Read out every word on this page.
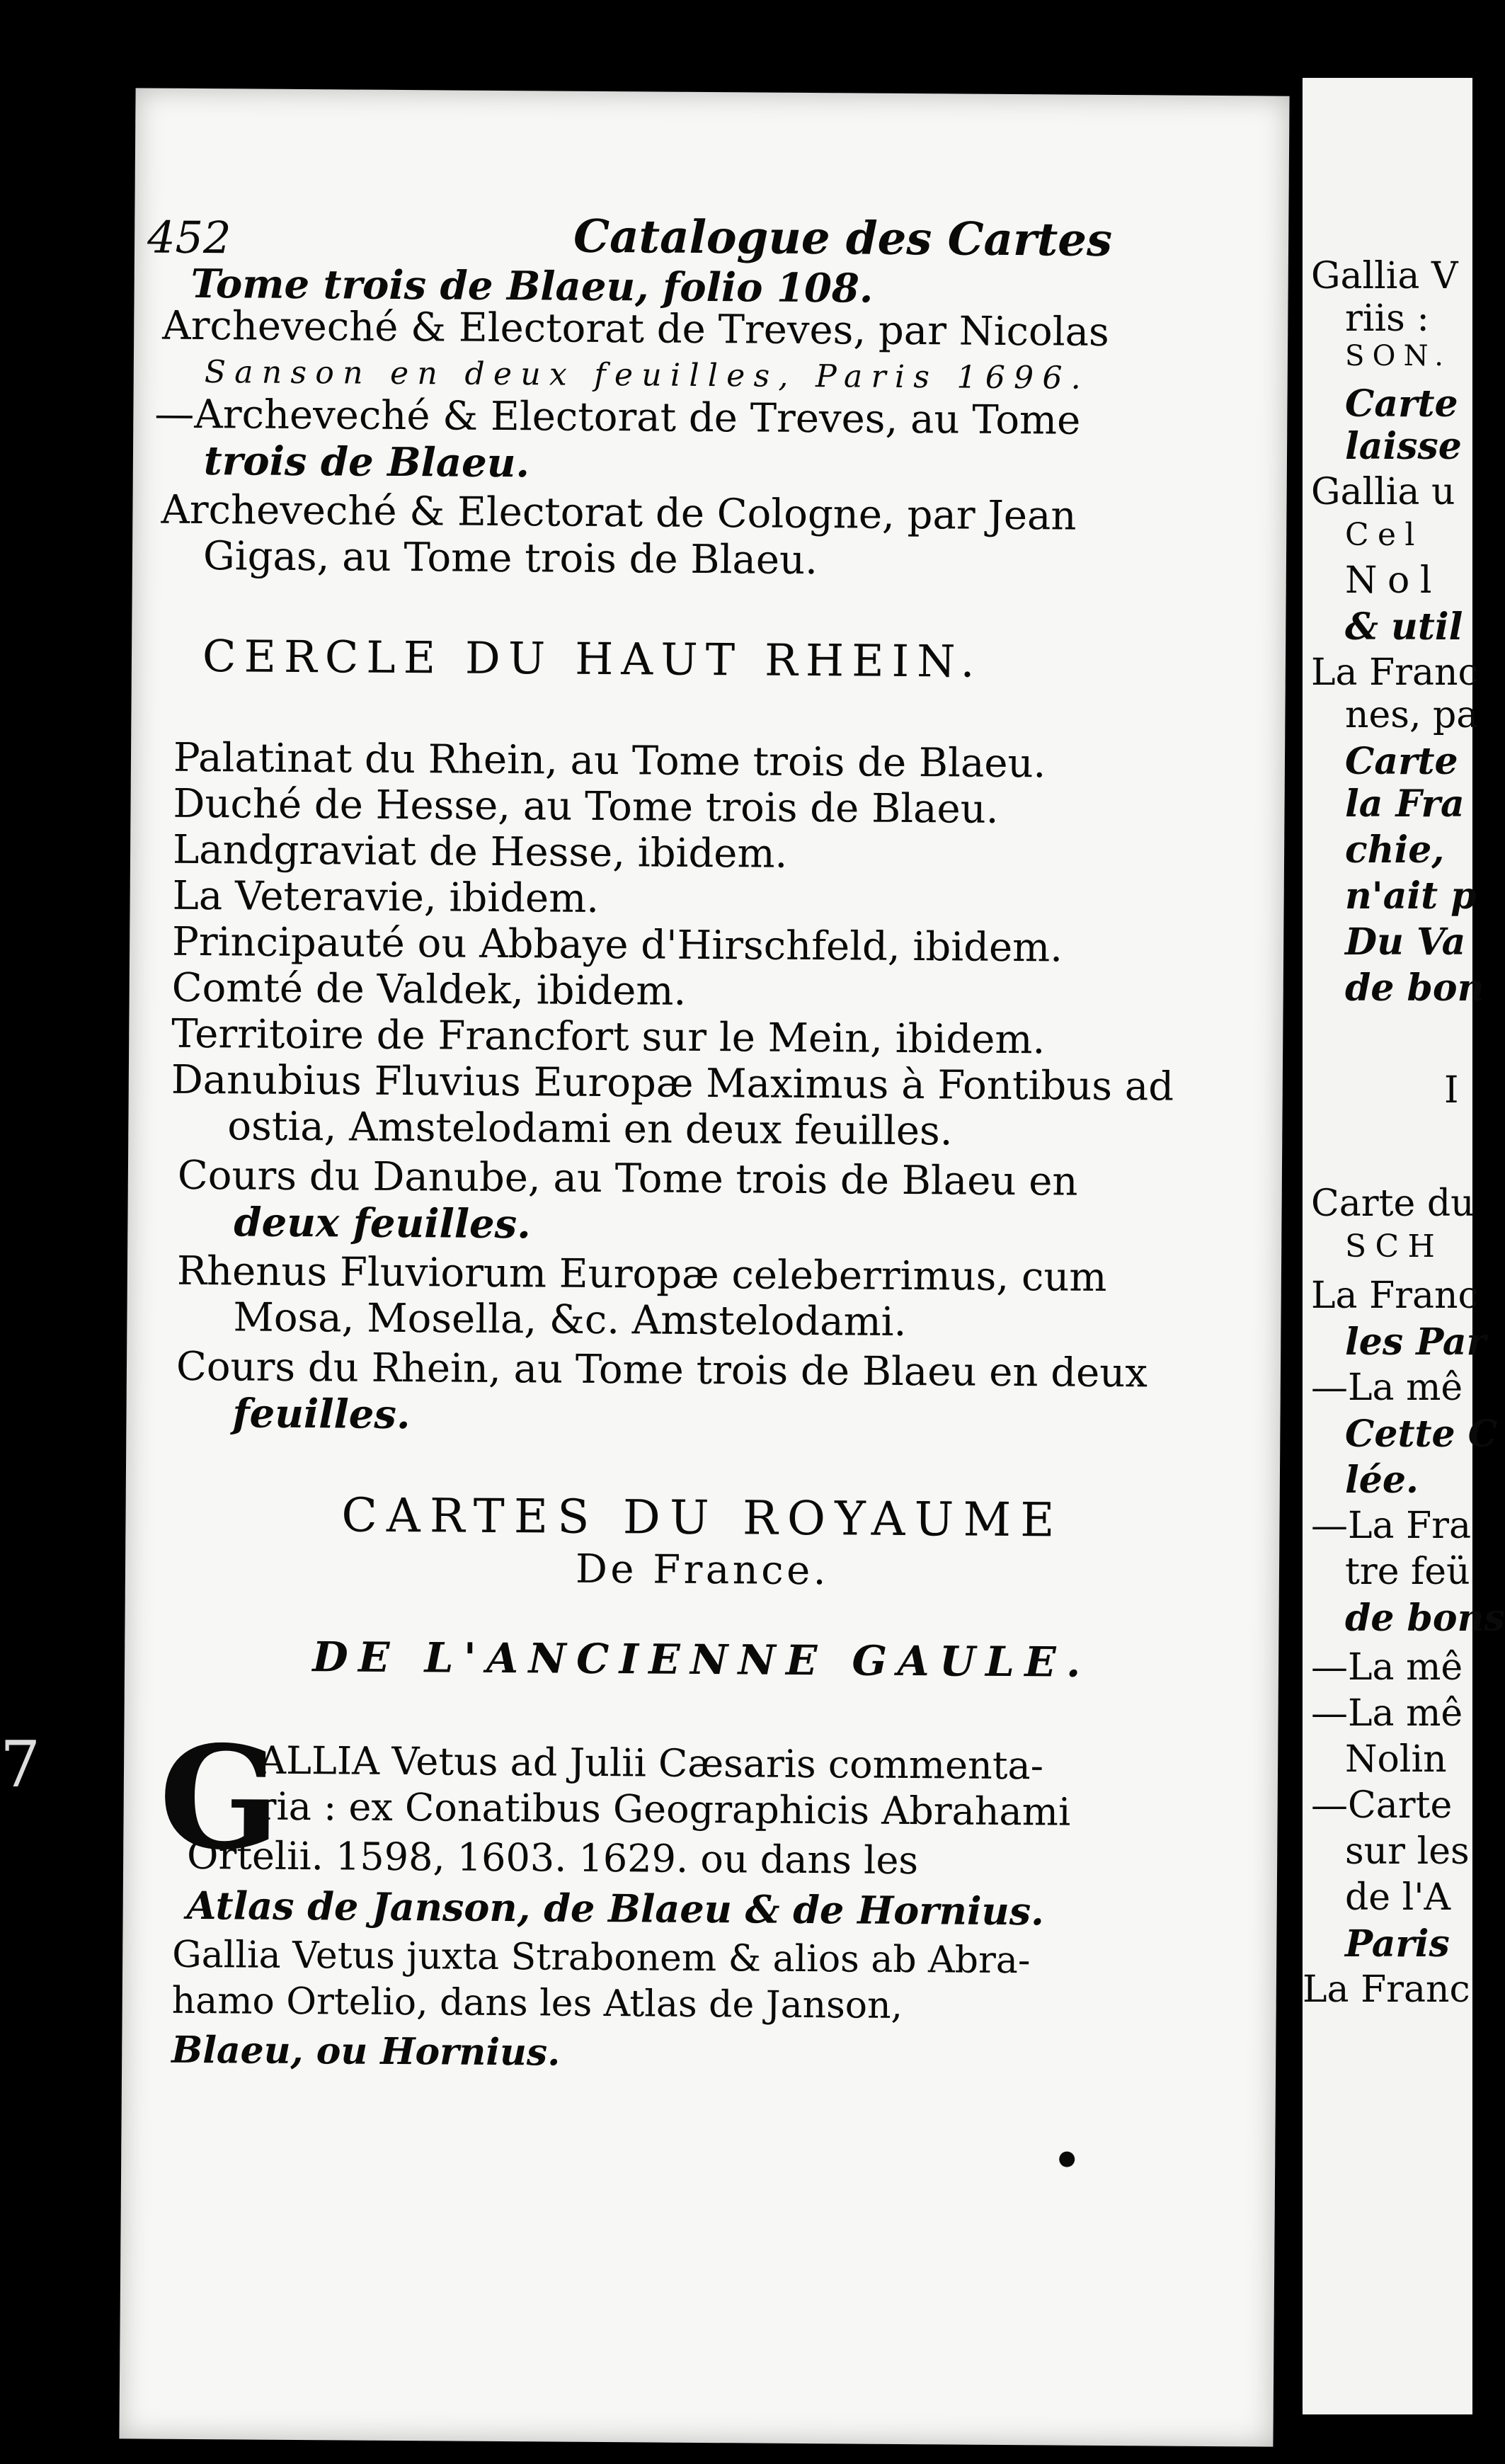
452	Catalogue des Cartes
Tome trois de Blaeu, folio 108.
Archeveché & Electorat de Treves, par Nicolas
Sanson en deux feuilles, Paris 1696.
—Archeveché & Electorat de Treves, au Tome
trois de Blaeu.
Archeveché & Electorat de Cologne, par Jean
Gigas, au Tome trois de Blaeu.
CERCLE DU HAUT RHEIN.
Palatinat du Rhein, au Tome trois de Blaeu.
Duché de Hesse, au Tome trois de Blaeu.
Landgraviat de Hesse, ibidem.
La Veteravie, ibidem.
Principauté ou Abbaye d'Hirschfeld, ibidem.
Comté de Valdek, ibidem.
Territoire de Francfort sur le Mein, ibidem.
Danubius Fluvius Europæ Maximus à Fontibus ad
ostia, Amstelodami en deux feuilles.
Cours du Danube, au Tome trois de Blaeu en
deux feuilles.
Rhenus Fluviorum Europæ celeberrimus, cum
Mosa, Mosella, &c. Amstelodami.
Cours du Rhein, au Tome trois de Blaeu en deux
feuilles.
CARTES DU ROYAUME
De France.
DE L'ANCIENNE GAULE.
G
ALLIA Vetus ad Julii Cæsaris commenta-
ria : ex Conatibus Geographicis Abrahami
Ortelii. 1598, 1603. 1629. ou dans les
Atlas de Janson, de Blaeu & de Hornius.
Gallia Vetus juxta Strabonem & alios ab Abra-
hamo Ortelio, dans les Atlas de Janson,
Blaeu, ou Hornius.
Gallia V
riis :
SON.
Carte
laisse
Gallia u
Cel
Nol
& util
La Franc
nes, pa
Carte
la Fra
chie,
n'ait p
Du Va
de bon
I
Carte du
SCH
La Franc
les Par
—La mê
Cette C
lée.
—La Fra
tre feü
de bons
—La mê
—La mê
Nolin
—Carte
sur les
de l'A
Paris
La Franc
7
